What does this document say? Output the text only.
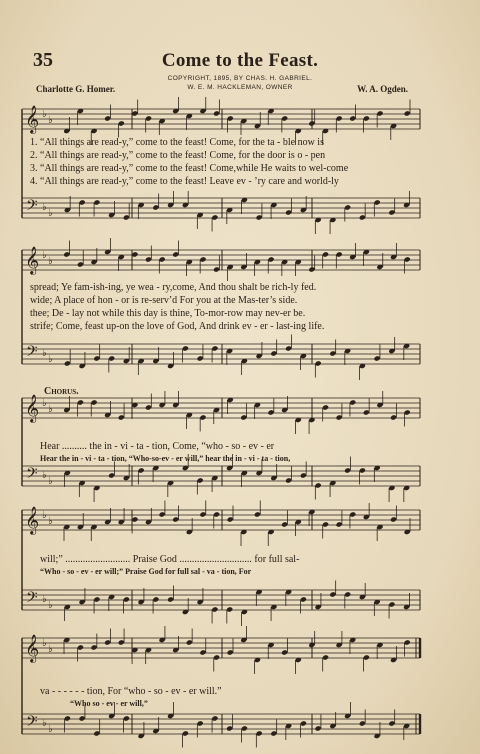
𝄞
𝄢
♭
♭
♭
♭
𝄞
𝄢
♭
♭
♭
♭
𝄞
𝄢
♭
♭
♭
♭
𝄞
𝄢
♭
♭
♭
♭
𝄞
𝄢
♭
♭
♭
♭
35	Come to the Feast.
COPYRIGHT, 1895, BY CHAS. H. GABRIEL.
W. E. M. HACKLEMAN, OWNER
Charlotte G. Homer.	W. A. Ogden.
1. “All things are read-y,” come to the feast! Come, for the ta - ble now is
2. “All things are read-y,” come to the feast! Come, for the door is o - pen
3. “All things are read-y,” come to the feast! Come,while He waits to wel-come
4. “All things are read-y,” come to the feast! Leave ev - ’ry care and world-ly
spread; Ye fam-ish-ing, ye wea - ry,come, And thou shalt be rich-ly fed.
wide; A place of hon - or is re-serv’d For you at the Mas-ter’s side.
thee; De - lay not while this day is thine, To-mor-row may nev-er be.
strife; Come, feast up-on the love of God, And drink ev - er - last-ing life.
Chorus.
Hear .......... the in - vi - ta - tion, Come, “who - so - ev - er
Hear the in - vi - ta - tion, “Who-so-ev - er will,” hear the in - vi - ta - tion,
will;” .......................... Praise God ............................. for full sal-
“Who - so - ev - er will;” Praise God for full sal - va - tion, For
va - - - - - - tion, For “who - so - ev - er will.”
“Who so - ev - er will,”
